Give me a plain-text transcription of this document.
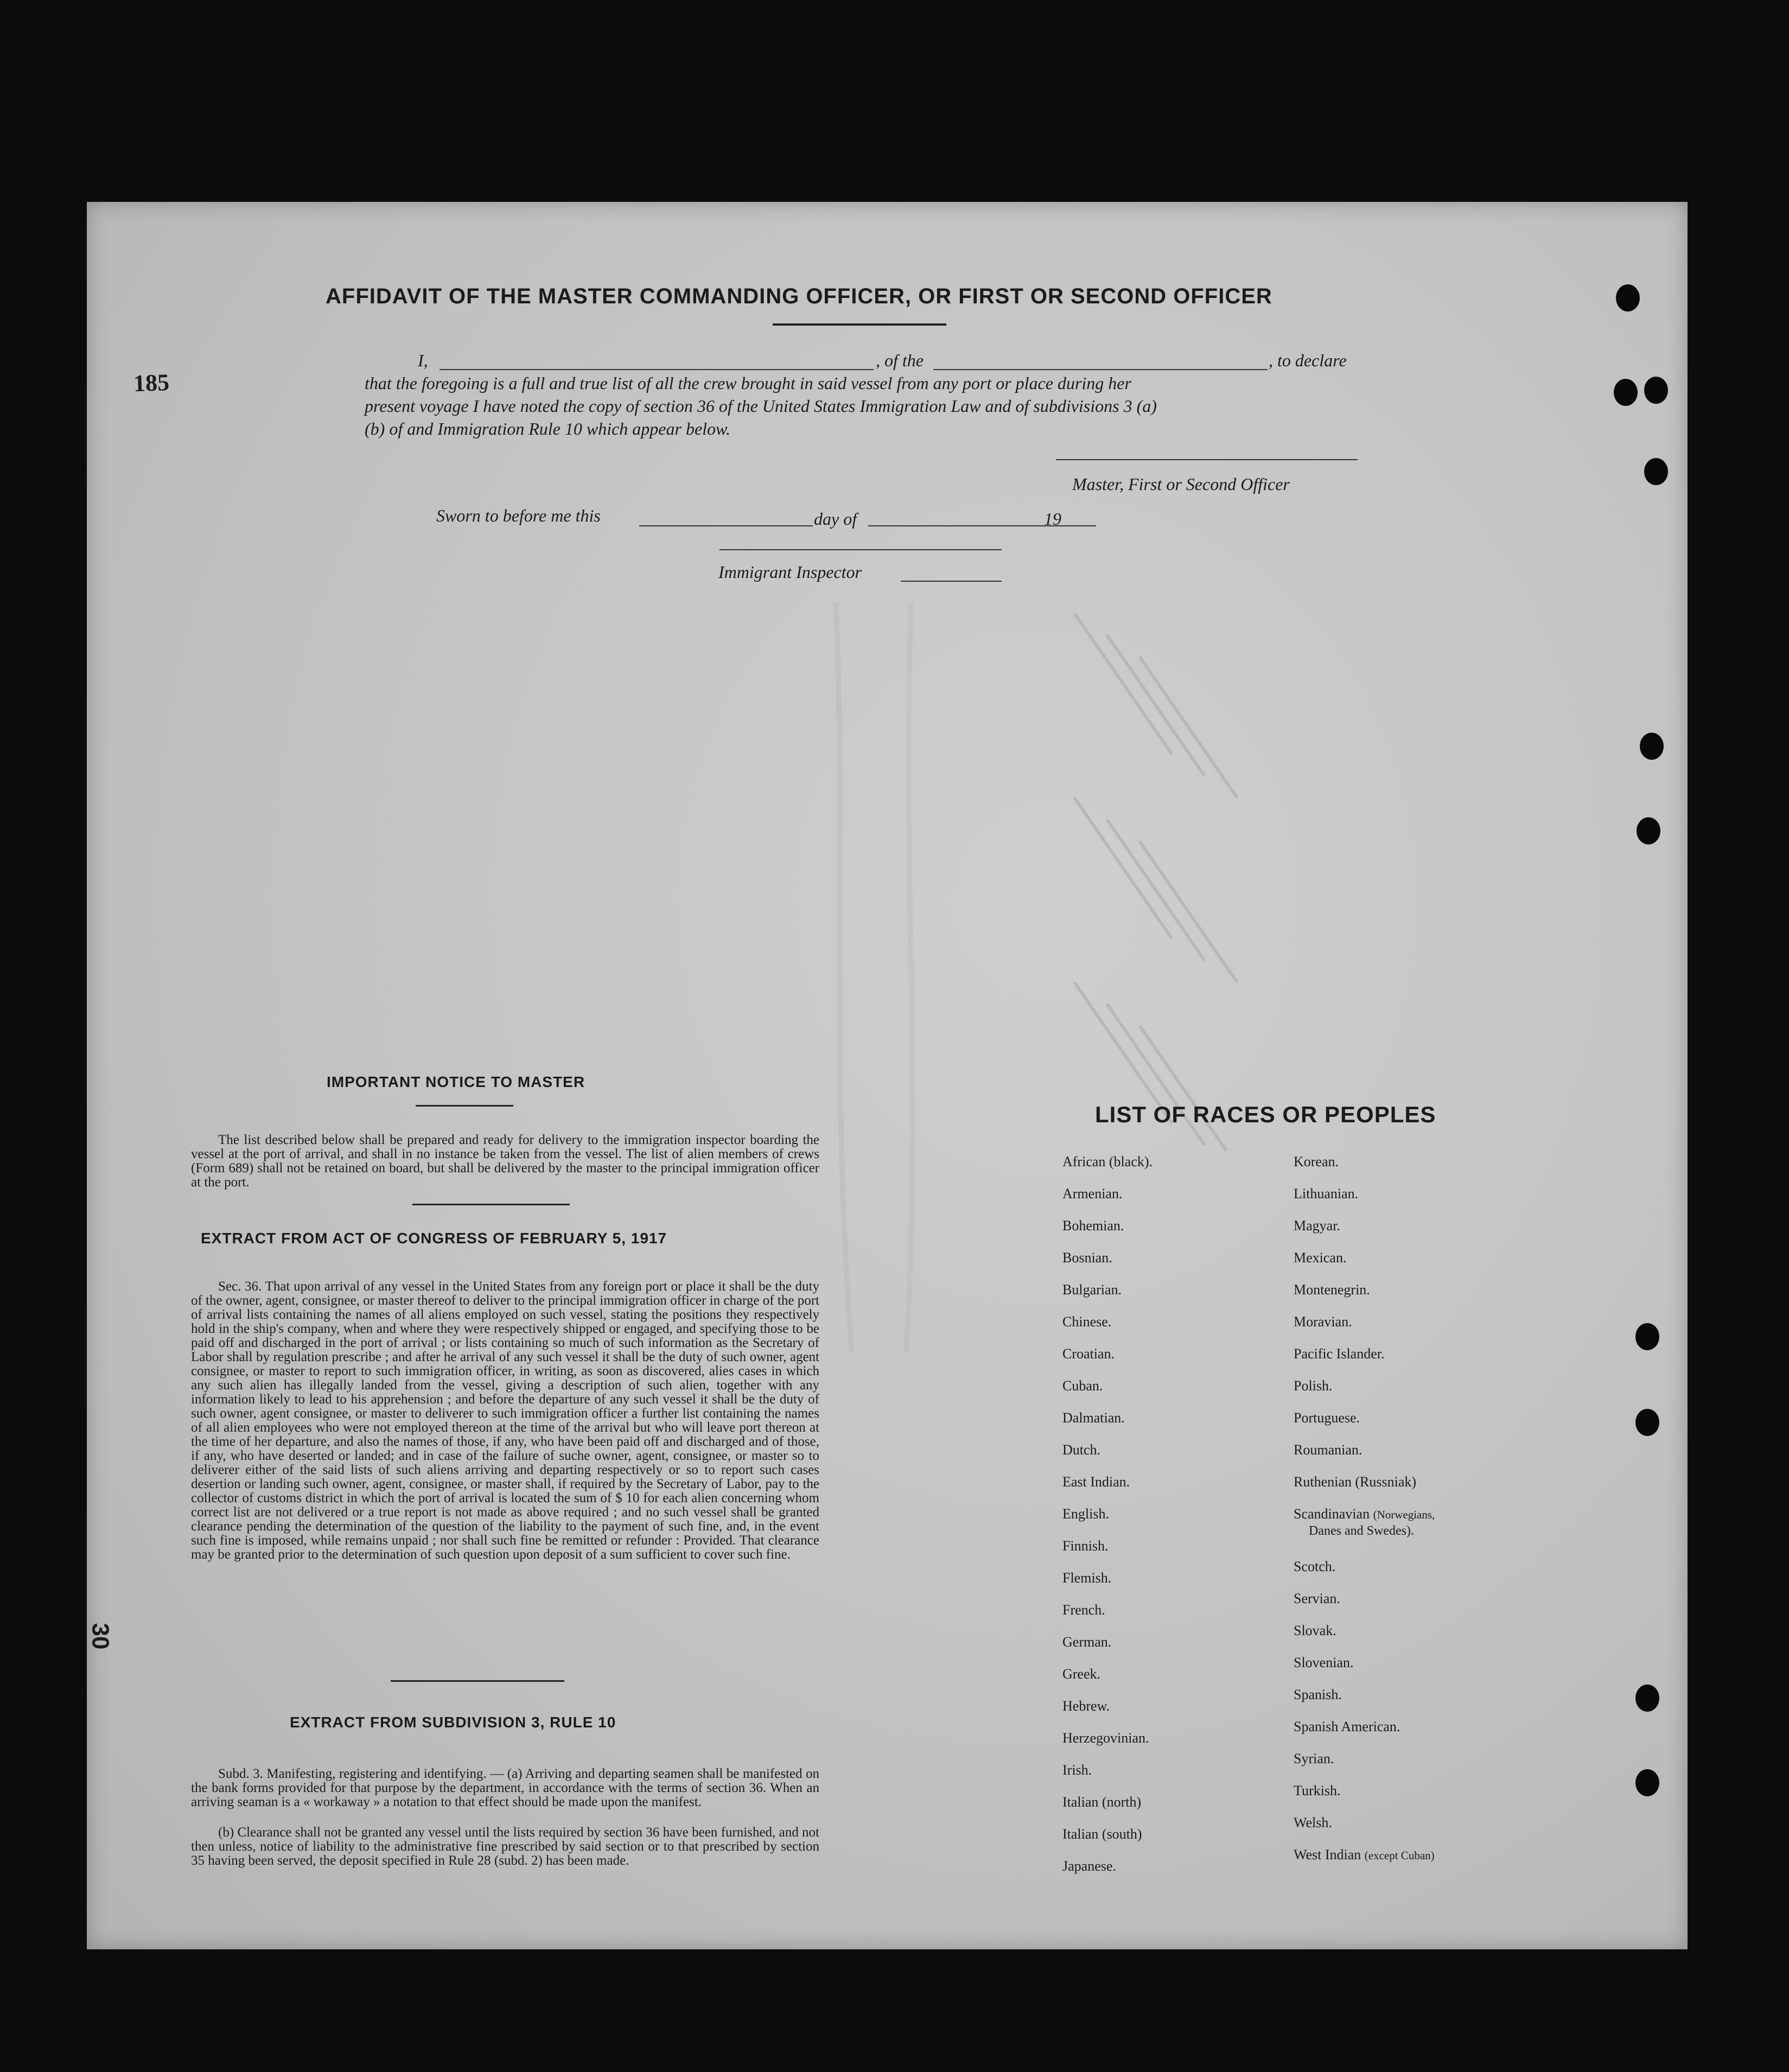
185
30
AFFIDAVIT OF THE MASTER COMMANDING OFFICER, OR FIRST OR SECOND OFFICER
I,	, of the	, to declare
that the foregoing is a full and true list of all the crew brought in said vessel from any port or place during her
present voyage I have noted the copy of section 36 of the United States Immigration Law and of subdivisions 3 (a)
(b) of and Immigration Rule 10 which appear below.
Master, First or Second Officer
Sworn to before me this	day of	19
Immigrant Inspector
IMPORTANT NOTICE TO MASTER
The list described below shall be prepared and ready for delivery to the immigration inspector boarding the vessel at the port of arrival, and shall in no instance be taken from the vessel. The list of alien members of crews (Form 689) shall not be retained on board, but shall be delivered by the master to the principal immigration officer at the port.
EXTRACT FROM ACT OF CONGRESS OF FEBRUARY 5, 1917
Sec. 36. That upon arrival of any vessel in the United States from any foreign port or place it shall be the duty of the owner, agent, consignee, or master thereof to deliver to the principal immigration officer in charge of the port of arrival lists containing the names of all aliens employed on such vessel, stating the positions they respectively hold in the ship's company, when and where they were respectively shipped or engaged, and specifying those to be paid off and discharged in the port of arrival ; or lists containing so much of such information as the Secretary of Labor shall by regulation prescribe ; and after he arrival of any such vessel it shall be the duty of such owner, agent consignee, or master to report to such immigration officer, in writing, as soon as discovered, alies cases in which any such alien has illegally landed from the vessel, giving a description of such alien, together with any information likely to lead to his apprehension ; and before the departure of any such vessel it shall be the duty of such owner, agent consignee, or master to deliverer to such immigration officer a further list containing the names of all alien employees who were not employed thereon at the time of the arrival but who will leave port thereon at the time of her departure, and also the names of those, if any, who have been paid off and discharged and of those, if any, who have deserted or landed; and in case of the failure of suche owner, agent, consignee, or master so to deliverer either of the said lists of such aliens arriving and departing respectively or so to report such cases desertion or landing such owner, agent, consignee, or master shall, if required by the Secretary of Labor, pay to the collector of customs district in which the port of arrival is located the sum of $ 10 for each alien concerning whom correct list are not delivered or a true report is not made as above required ; and no such vessel shall be granted clearance pending the determination of the question of the liability to the payment of such fine, and, in the event such fine is imposed, while remains unpaid ; nor shall such fine be remitted or refunder : Provided. That clearance may be granted prior to the determination of such question upon deposit of a sum sufficient to cover such fine.
EXTRACT FROM SUBDIVISION 3, RULE 10
Subd. 3. Manifesting, registering and identifying. — (a) Arriving and departing seamen shall be manifested on the bank forms provided for that purpose by the department, in accordance with the terms of section 36. When an arriving seaman is a « workaway » a notation to that effect should be made upon the manifest.
(b) Clearance shall not be granted any vessel until the lists required by section 36 have been furnished, and not then unless, notice of liability to the administrative fine prescribed by said section or to that prescribed by section 35 having been served, the deposit specified in Rule 28 (subd. 2) has been made.
LIST OF RACES OR PEOPLES
African (black).
Armenian.
Bohemian.
Bosnian.
Bulgarian.
Chinese.
Croatian.
Cuban.
Dalmatian.
Dutch.
East Indian.
English.
Finnish.
Flemish.
French.
German.
Greek.
Hebrew.
Herzegovinian.
Irish.
Italian (north)
Italian (south)
Japanese.
Korean.
Lithuanian.
Magyar.
Mexican.
Montenegrin.
Moravian.
Pacific Islander.
Polish.
Portuguese.
Roumanian.
Ruthenian (Russniak)
Scandinavian (Norwegians,
Danes and Swedes).
Scotch.
Servian.
Slovak.
Slovenian.
Spanish.
Spanish American.
Syrian.
Turkish.
Welsh.
West Indian (except Cuban)
